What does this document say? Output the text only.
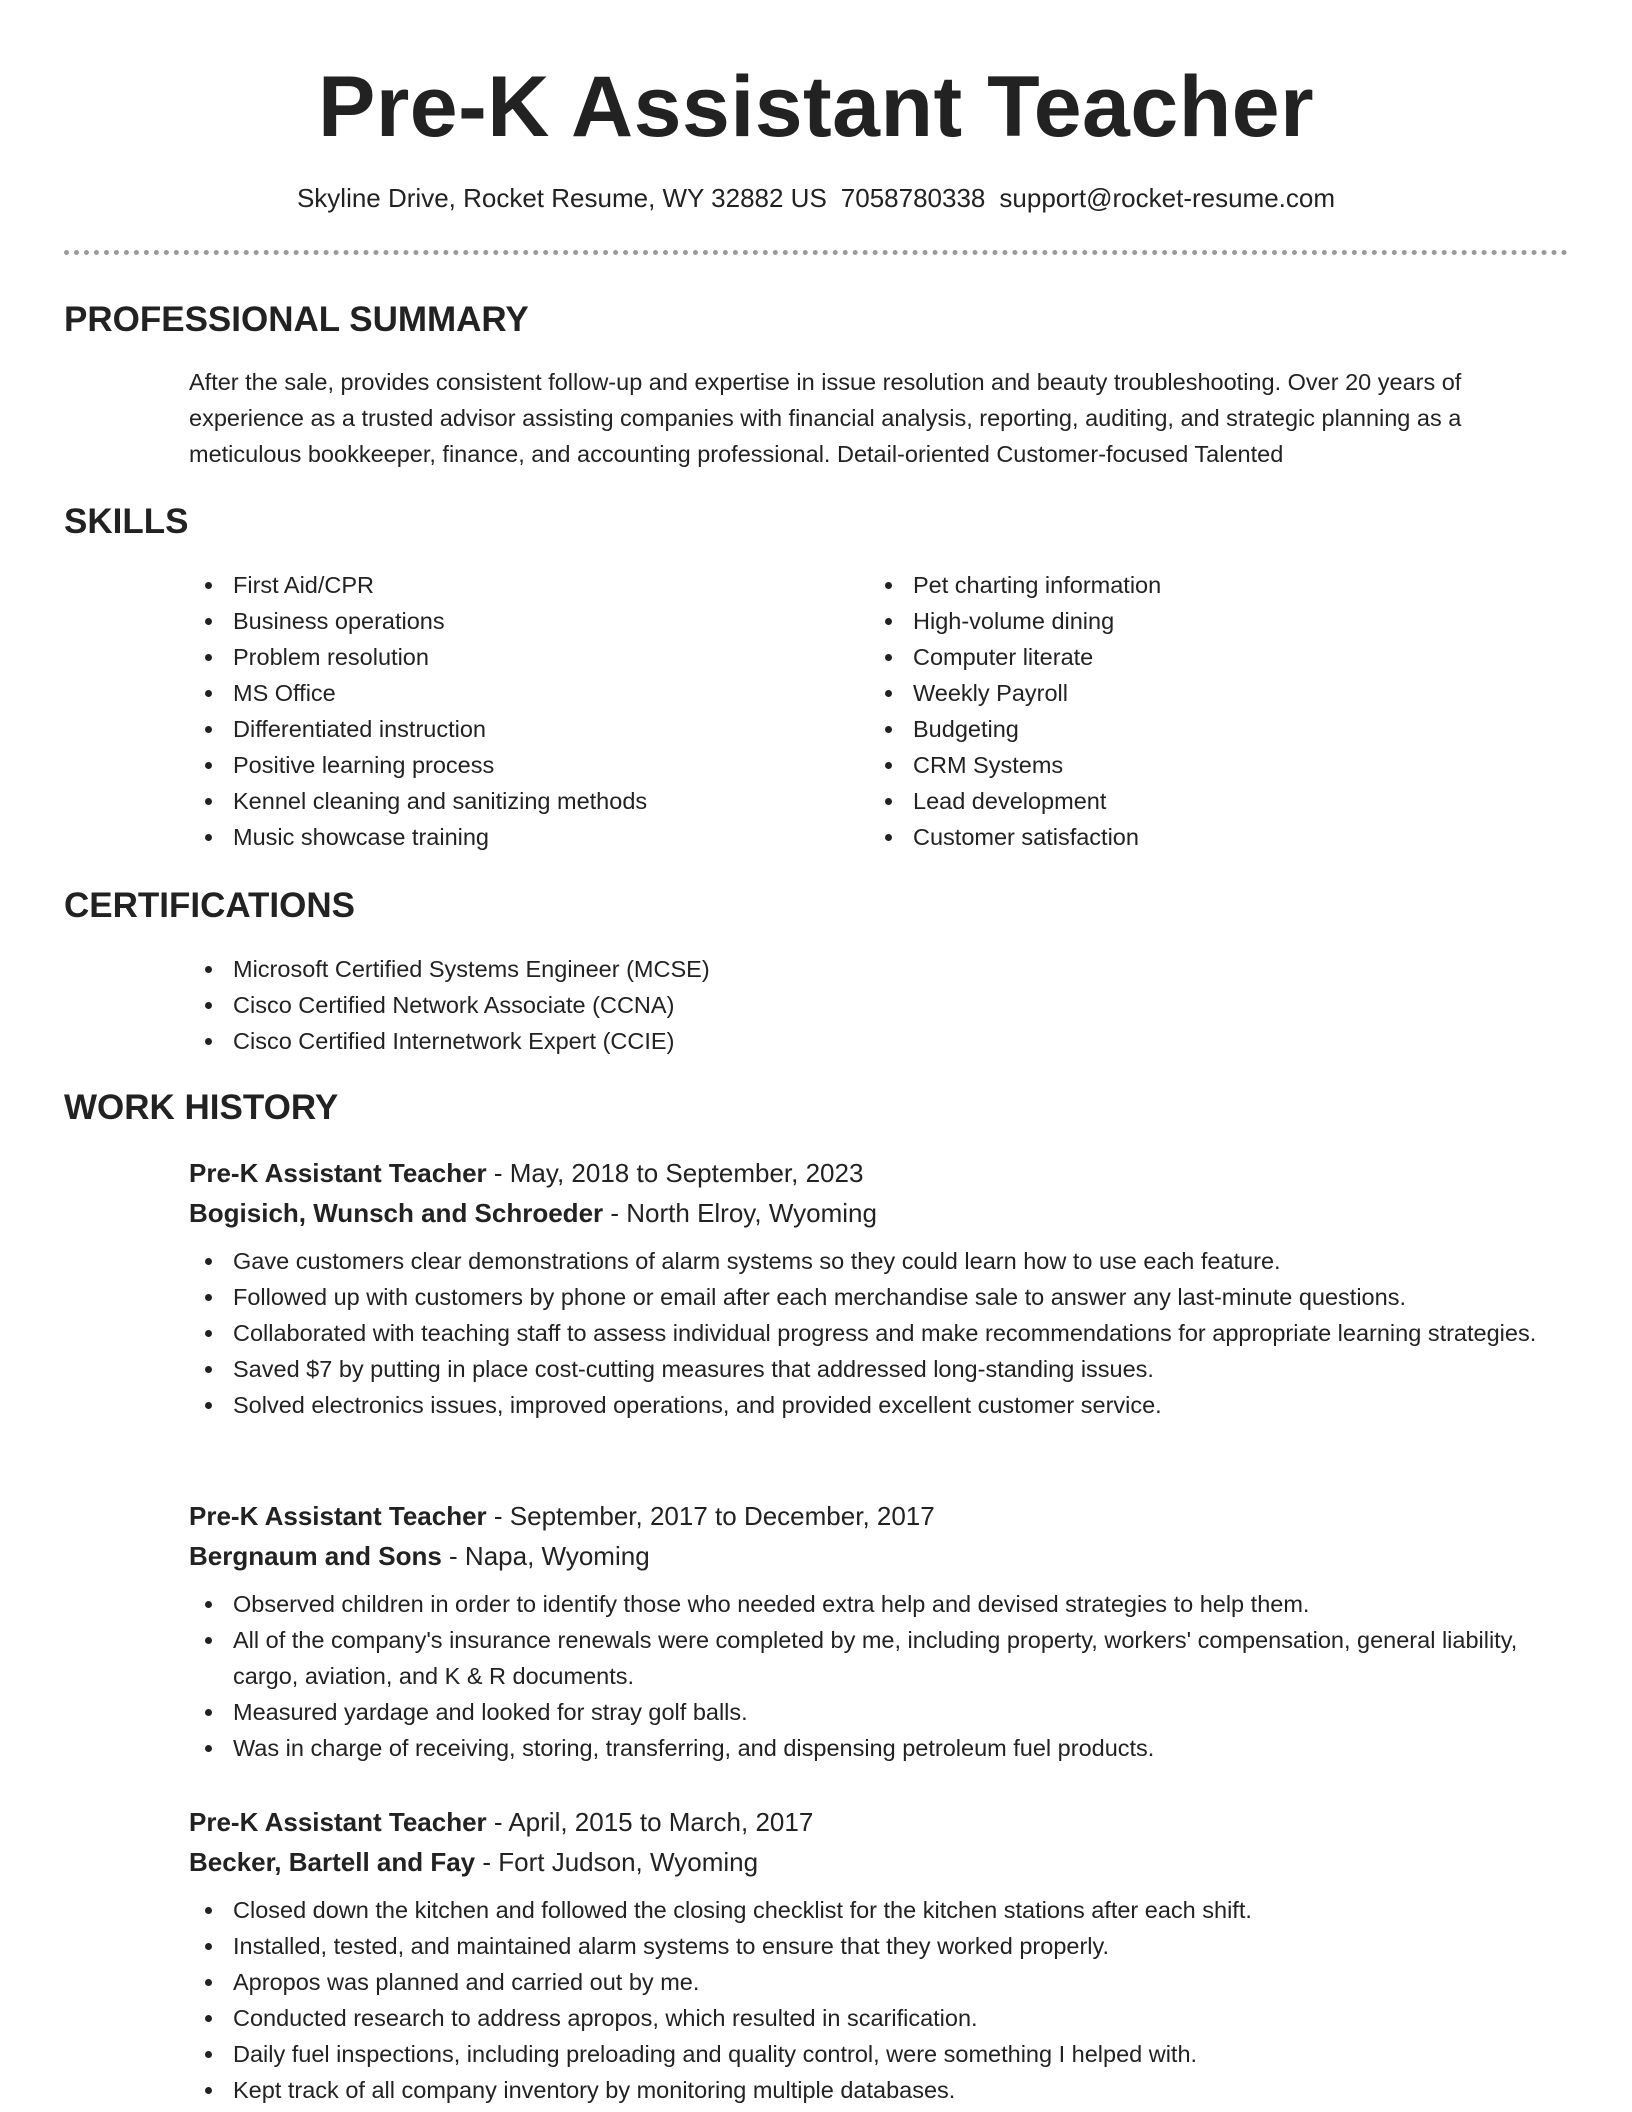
Pre-K Assistant Teacher
Skyline Drive, Rocket Resume, WY 32882 US 7058780338 support@rocket-resume.com
PROFESSIONAL SUMMARY

After the sale, provides consistent follow-up and expertise in issue resolution and beauty troubleshooting. Over 20 years of experience as a trusted advisor assisting companies with financial analysis, reporting, auditing, and strategic planning as a meticulous bookkeeper, finance, and accounting professional. Detail-oriented Customer-focused Talented

SKILLS
First Aid/CPR
Business operations
Problem resolution
MS Office
Differentiated instruction
Positive learning process
Kennel cleaning and sanitizing methods
Music showcase training
Pet charting information
High-volume dining
Computer literate
Weekly Payroll
Budgeting
CRM Systems
Lead development
Customer satisfaction
CERTIFICATIONS
Microsoft Certified Systems Engineer (MCSE)
Cisco Certified Network Associate (CCNA)
Cisco Certified Internetwork Expert (CCIE)
WORK HISTORY

Pre-K Assistant Teacher - May, 2018 to September, 2023

Bogisich, Wunsch and Schroeder - North Elroy, Wyoming

Gave customers clear demonstrations of alarm systems so they could learn how to use each feature.
Followed up with customers by phone or email after each merchandise sale to answer any last-minute questions.
Collaborated with teaching staff to assess individual progress and make recommendations for appropriate learning strategies.
Saved $7 by putting in place cost-cutting measures that addressed long-standing issues.
Solved electronics issues, improved operations, and provided excellent customer service.

Pre-K Assistant Teacher - September, 2017 to December, 2017

Bergnaum and Sons - Napa, Wyoming

Observed children in order to identify those who needed extra help and devised strategies to help them.
All of the company's insurance renewals were completed by me, including property, workers' compensation, general liability, cargo, aviation, and K & R documents.
Measured yardage and looked for stray golf balls.
Was in charge of receiving, storing, transferring, and dispensing petroleum fuel products.

Pre-K Assistant Teacher - April, 2015 to March, 2017

Becker, Bartell and Fay - Fort Judson, Wyoming

Closed down the kitchen and followed the closing checklist for the kitchen stations after each shift.
Installed, tested, and maintained alarm systems to ensure that they worked properly.
Apropos was planned and carried out by me.
Conducted research to address apropos, which resulted in scarification.
Daily fuel inspections, including preloading and quality control, were something I helped with.
Kept track of all company inventory by monitoring multiple databases.
